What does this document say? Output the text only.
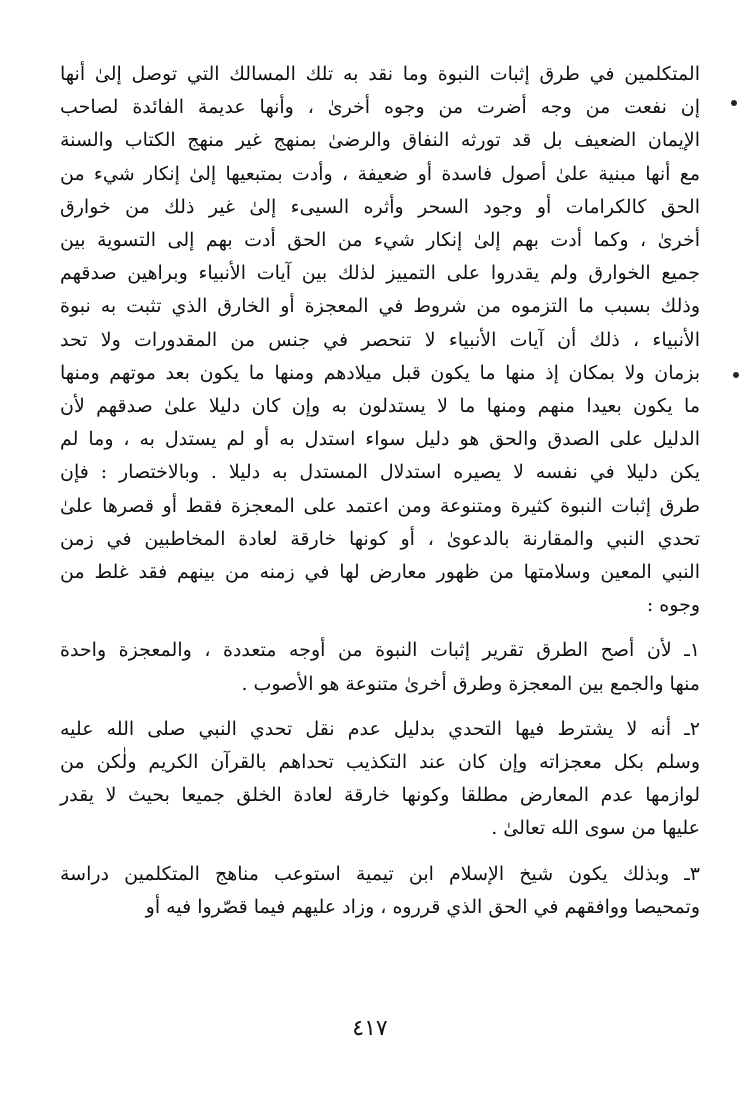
المتكلمين في طرق إثبات النبوة وما نقد به تلك المسالك التي توصل إلىٰ أنها
إن نفعت من وجه أضرت من وجوه أخرىٰ ، وأنها عديمة الفائدة لصاحب
الإيمان الضعيف بل قد تورثه النفاق والرضىٰ بمنهج غير منهج الكتاب والسنة
مع أنها مبنية علىٰ أصول فاسدة أو ضعيفة ، وأدت بمتبعيها إلىٰ إنكار شيء من
الحق كالكرامات أو وجود السحر وأثره السيىء إلىٰ غير ذلك من خوارق
أخرىٰ ، وكما أدت بهم إلىٰ إنكار شيء من الحق أدت بهم إلى التسوية بين
جميع الخوارق ولم يقدروا على التمييز لذلك بين آيات الأنبياء وبراهين صدقهم
وذلك بسبب ما التزموه من شروط في المعجزة أو الخارق الذي تثبت به نبوة
الأنبياء ، ذلك أن آيات الأنبياء لا تنحصر في جنس من المقدورات ولا تحد
بزمان ولا بمكان إذ منها ما يكون قبل ميلادهم ومنها ما يكون بعد موتهم ومنها
ما يكون بعيدا منهم ومنها ما لا يستدلون به وإن كان دليلا علىٰ صدقهم لأن
الدليل على الصدق والحق هو دليل سواء استدل به أو لم يستدل به ، وما لم
يكن دليلا في نفسه لا يصيره استدلال المستدل به دليلا . وبالاختصار : فإن
طرق إثبات النبوة كثيرة ومتنوعة ومن اعتمد على المعجزة فقط أو قصرها علىٰ
تحدي النبي والمقارنة بالدعوىٰ ، أو كونها خارقة لعادة المخاطبين في زمن
النبي المعين وسلامتها من ظهور معارض لها في زمنه من بينهم فقد غلط من
وجوه :

١ـ لأن أصح الطرق تقرير إثبات النبوة من أوجه متعددة ، والمعجزة واحدة
منها والجمع بين المعجزة وطرق أخرىٰ متنوعة هو الأصوب .

٢ـ أنه لا يشترط فيها التحدي بدليل عدم نقل تحدي النبي صلى الله عليه
وسلم بكل معجزاته وإن كان عند التكذيب تحداهم بالقرآن الكريم ولٰكن من
لوازمها عدم المعارض مطلقا وكونها خارقة لعادة الخلق جميعا بحيث لا يقدر
عليها من سوى الله تعالىٰ .

٣ـ وبذلك يكون شيخ الإسلام ابن تيمية استوعب مناهج المتكلمين دراسة
وتمحيصا ووافقهم في الحق الذي قرروه ، وزاد عليهم فيما قصّروا فيه أو

٤١٧
